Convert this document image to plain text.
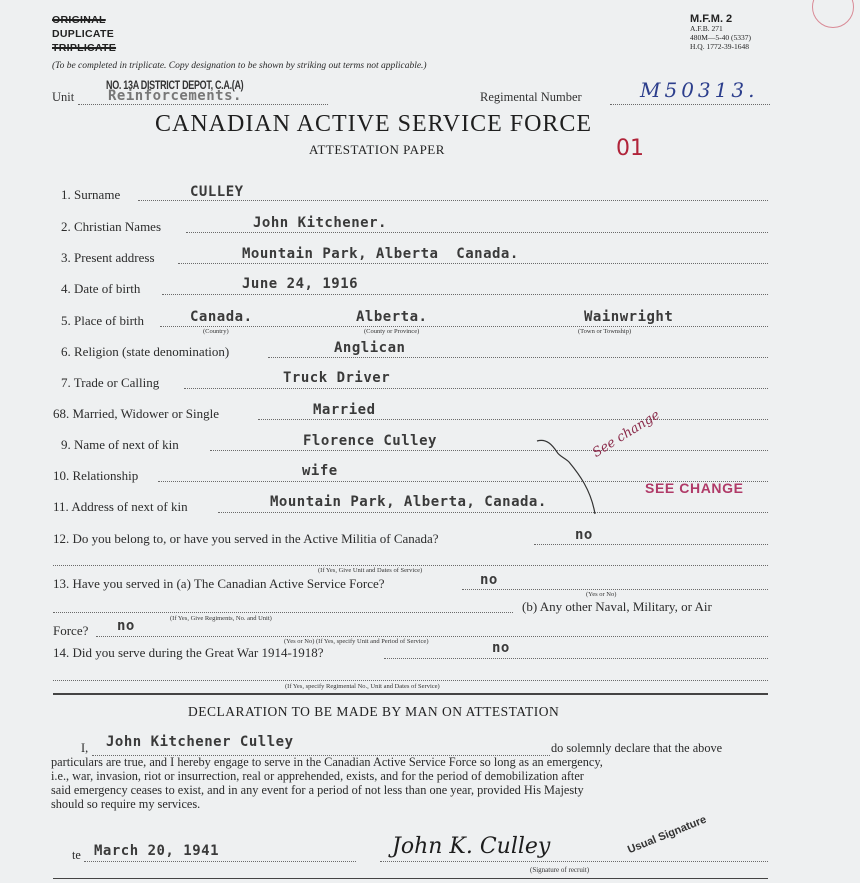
ORIGINAL
DUPLICATE
TRIPLICATE
(To be completed in triplicate. Copy designation to be shown by striking out terms not applicable.)
M.F.M. 2
A.F.B. 271
480M—5-40 (5337)
H.Q. 1772-39-1648
Unit
NO. 13A DISTRICT DEPOT, C.A.(A)
Reinforcements.	Regimental Number	M50313.
CANADIAN ACTIVE SERVICE FORCE
ATTESTATION PAPER	01
1. Surname	CULLEY
2. Christian Names	John Kitchener.
3. Present address	Mountain Park, Alberta  Canada.
4. Date of birth	June 24, 1916
5. Place of birth	Canada.
(Country)
Alberta.
(County or Province)
Wainwright
(Town or Township)
6. Religion (state denomination)	Anglican
7. Trade or Calling	Truck Driver
68. Married, Widower or Single	Married
9. Name of next of kin	Florence Culley
10. Relationship	wife
11. Address of next of kin	Mountain Park, Alberta, Canada.
See change
SEE CHANGE
12. Do you belong to, or have you served in the Active Militia of Canada?	no
(If Yes, Give Unit and Dates of Service)
13. Have you served in (a) The Canadian Active Service Force?	no
(Yes or No)
(b) Any other Naval, Military, or Air
(If Yes, Give Regiments, No. and Unit)
Force? no
(Yes or No) (If Yes, specify Unit and Period of Service)
14. Did you serve during the Great War 1914-1918?	no
(If Yes, specify Regimental No., Unit and Dates of Service)
DECLARATION TO BE MADE BY MAN ON ATTESTATION
I, John Kitchener Culley	do solemnly declare that the above
particulars are true, and I hereby engage to serve in the Canadian Active Service Force so long as an emergency,
i.e., war, invasion, riot or insurrection, real or apprehended, exists, and for the period of demobilization after
said emergency ceases to exist, and in any event for a period of not less than one year, provided His Majesty
should so require my services.
te March 20, 1941	John K. Culley
(Signature of recruit)
Usual Signature
